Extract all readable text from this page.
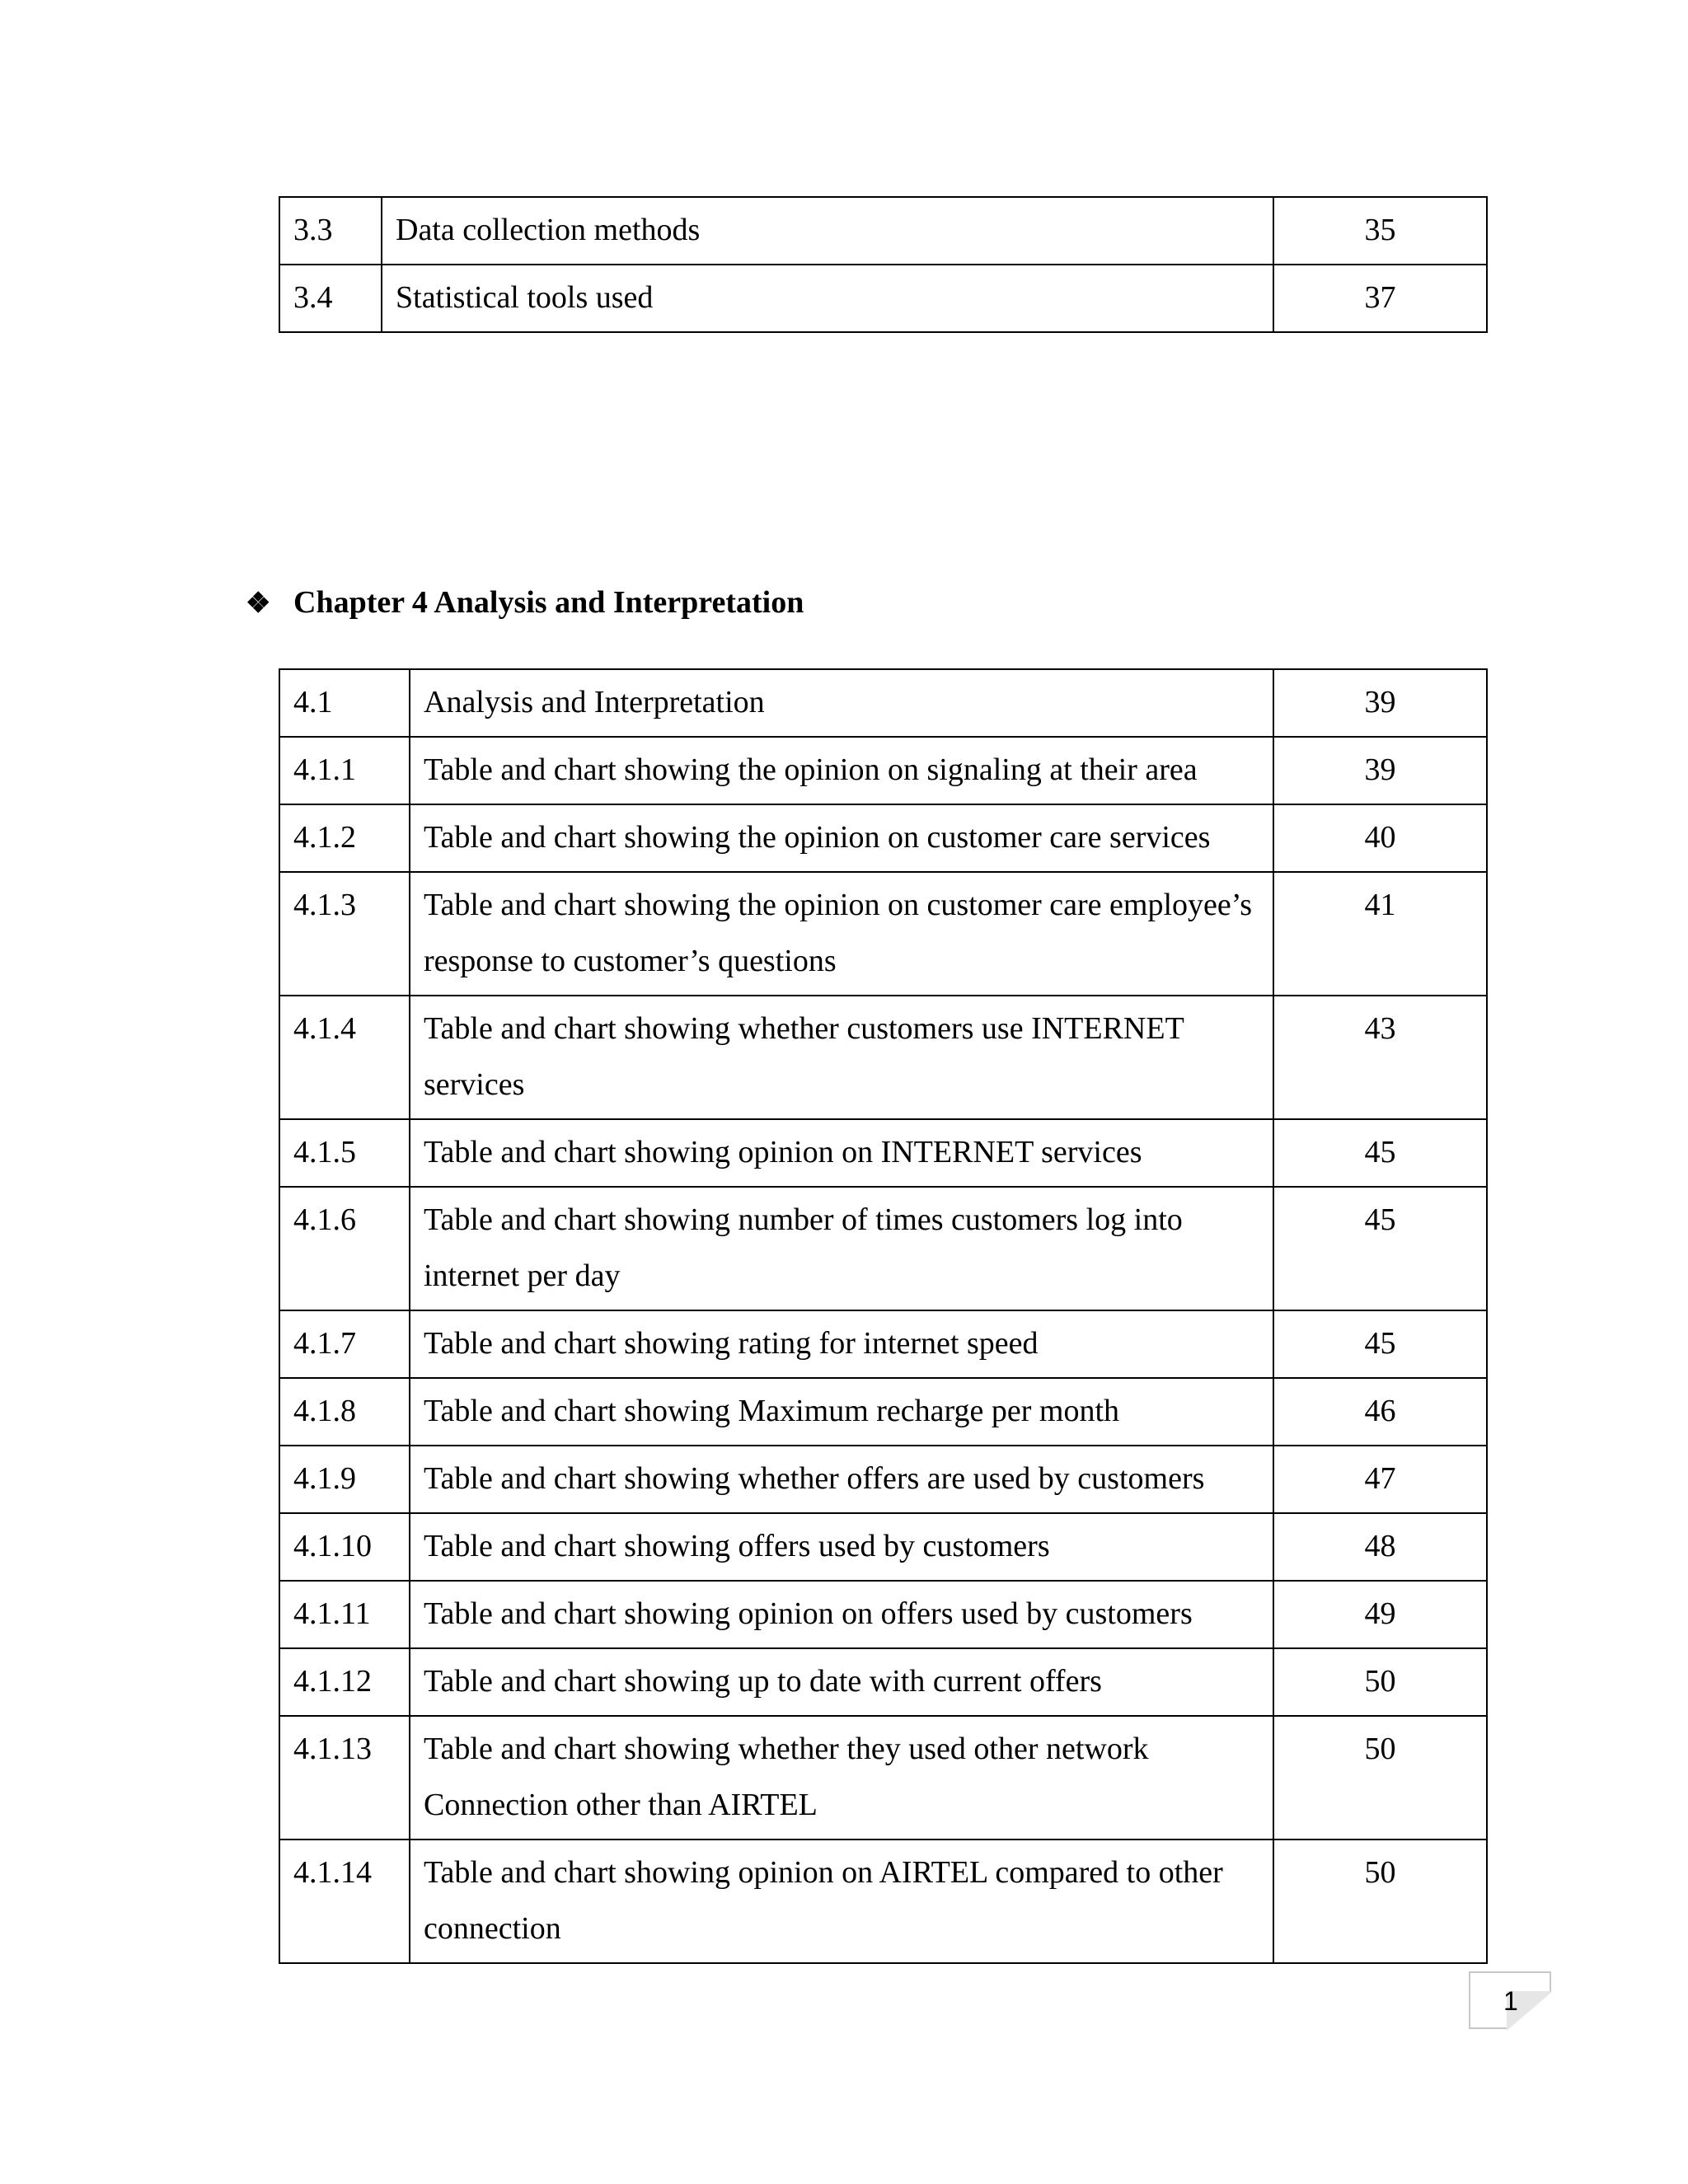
3.3	Data collection methods	35
3.4	Statistical tools used	37
❖ Chapter 4 Analysis and Interpretation
4.1	Analysis and Interpretation	39
4.1.1	Table and chart showing the opinion on signaling at their area	39
4.1.2	Table and chart showing the opinion on customer care services	40
4.1.3	Table and chart showing the opinion on customer care employee’s response to customer’s questions	41
4.1.4	Table and chart showing whether customers use INTERNET services	43
4.1.5	Table and chart showing opinion on INTERNET services	45
4.1.6	Table and chart showing number of times customers log into internet per day	45
4.1.7	Table and chart showing rating for internet speed	45
4.1.8	Table and chart showing Maximum recharge per month	46
4.1.9	Table and chart showing whether offers are used by customers	47
4.1.10	Table and chart showing offers used by customers	48
4.1.11	Table and chart showing opinion on offers used by customers	49
4.1.12	Table and chart showing up to date with current offers	50
4.1.13	Table and chart showing whether they used other network Connection other than AIRTEL	50
4.1.14	Table and chart showing opinion on AIRTEL compared to other    connection	50
1
